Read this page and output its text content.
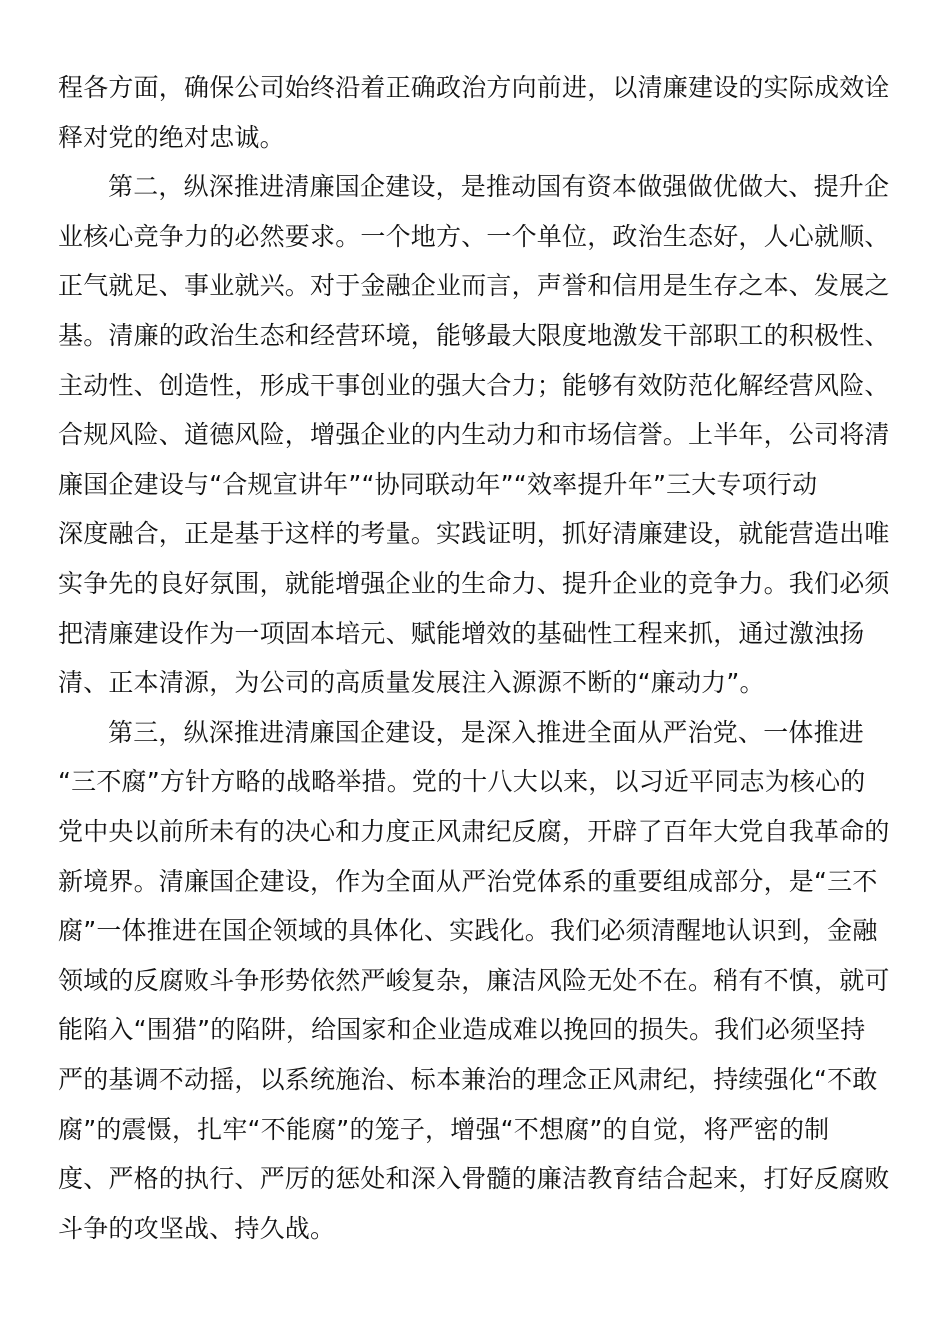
程各方面，确保公司始终沿着正确政治方向前进，以清廉建设的实际成效诠
释对党的绝对忠诚。
第二，纵深推进清廉国企建设，是推动国有资本做强做优做大、提升企
业核心竞争力的必然要求。一个地方、一个单位，政治生态好，人心就顺、
正气就足、事业就兴。对于金融企业而言，声誉和信用是生存之本、发展之
基。清廉的政治生态和经营环境，能够最大限度地激发干部职工的积极性、
主动性、创造性，形成干事创业的强大合力；能够有效防范化解经营风险、
合规风险、道德风险，增强企业的内生动力和市场信誉。上半年，公司将清
廉国企建设与“合规宣讲年”“协同联动年”“效率提升年”三大专项行动
深度融合，正是基于这样的考量。实践证明，抓好清廉建设，就能营造出唯
实争先的良好氛围，就能增强企业的生命力、提升企业的竞争力。我们必须
把清廉建设作为一项固本培元、赋能增效的基础性工程来抓，通过激浊扬
清、正本清源，为公司的高质量发展注入源源不断的“廉动力”。
第三，纵深推进清廉国企建设，是深入推进全面从严治党、一体推进
“三不腐”方针方略的战略举措。党的十八大以来，以习近平同志为核心的
党中央以前所未有的决心和力度正风肃纪反腐，开辟了百年大党自我革命的
新境界。清廉国企建设，作为全面从严治党体系的重要组成部分，是“三不
腐”一体推进在国企领域的具体化、实践化。我们必须清醒地认识到，金融
领域的反腐败斗争形势依然严峻复杂，廉洁风险无处不在。稍有不慎，就可
能陷入“围猎”的陷阱，给国家和企业造成难以挽回的损失。我们必须坚持
严的基调不动摇，以系统施治、标本兼治的理念正风肃纪，持续强化“不敢
腐”的震慑，扎牢“不能腐”的笼子，增强“不想腐”的自觉，将严密的制
度、严格的执行、严厉的惩处和深入骨髓的廉洁教育结合起来，打好反腐败
斗争的攻坚战、持久战。
